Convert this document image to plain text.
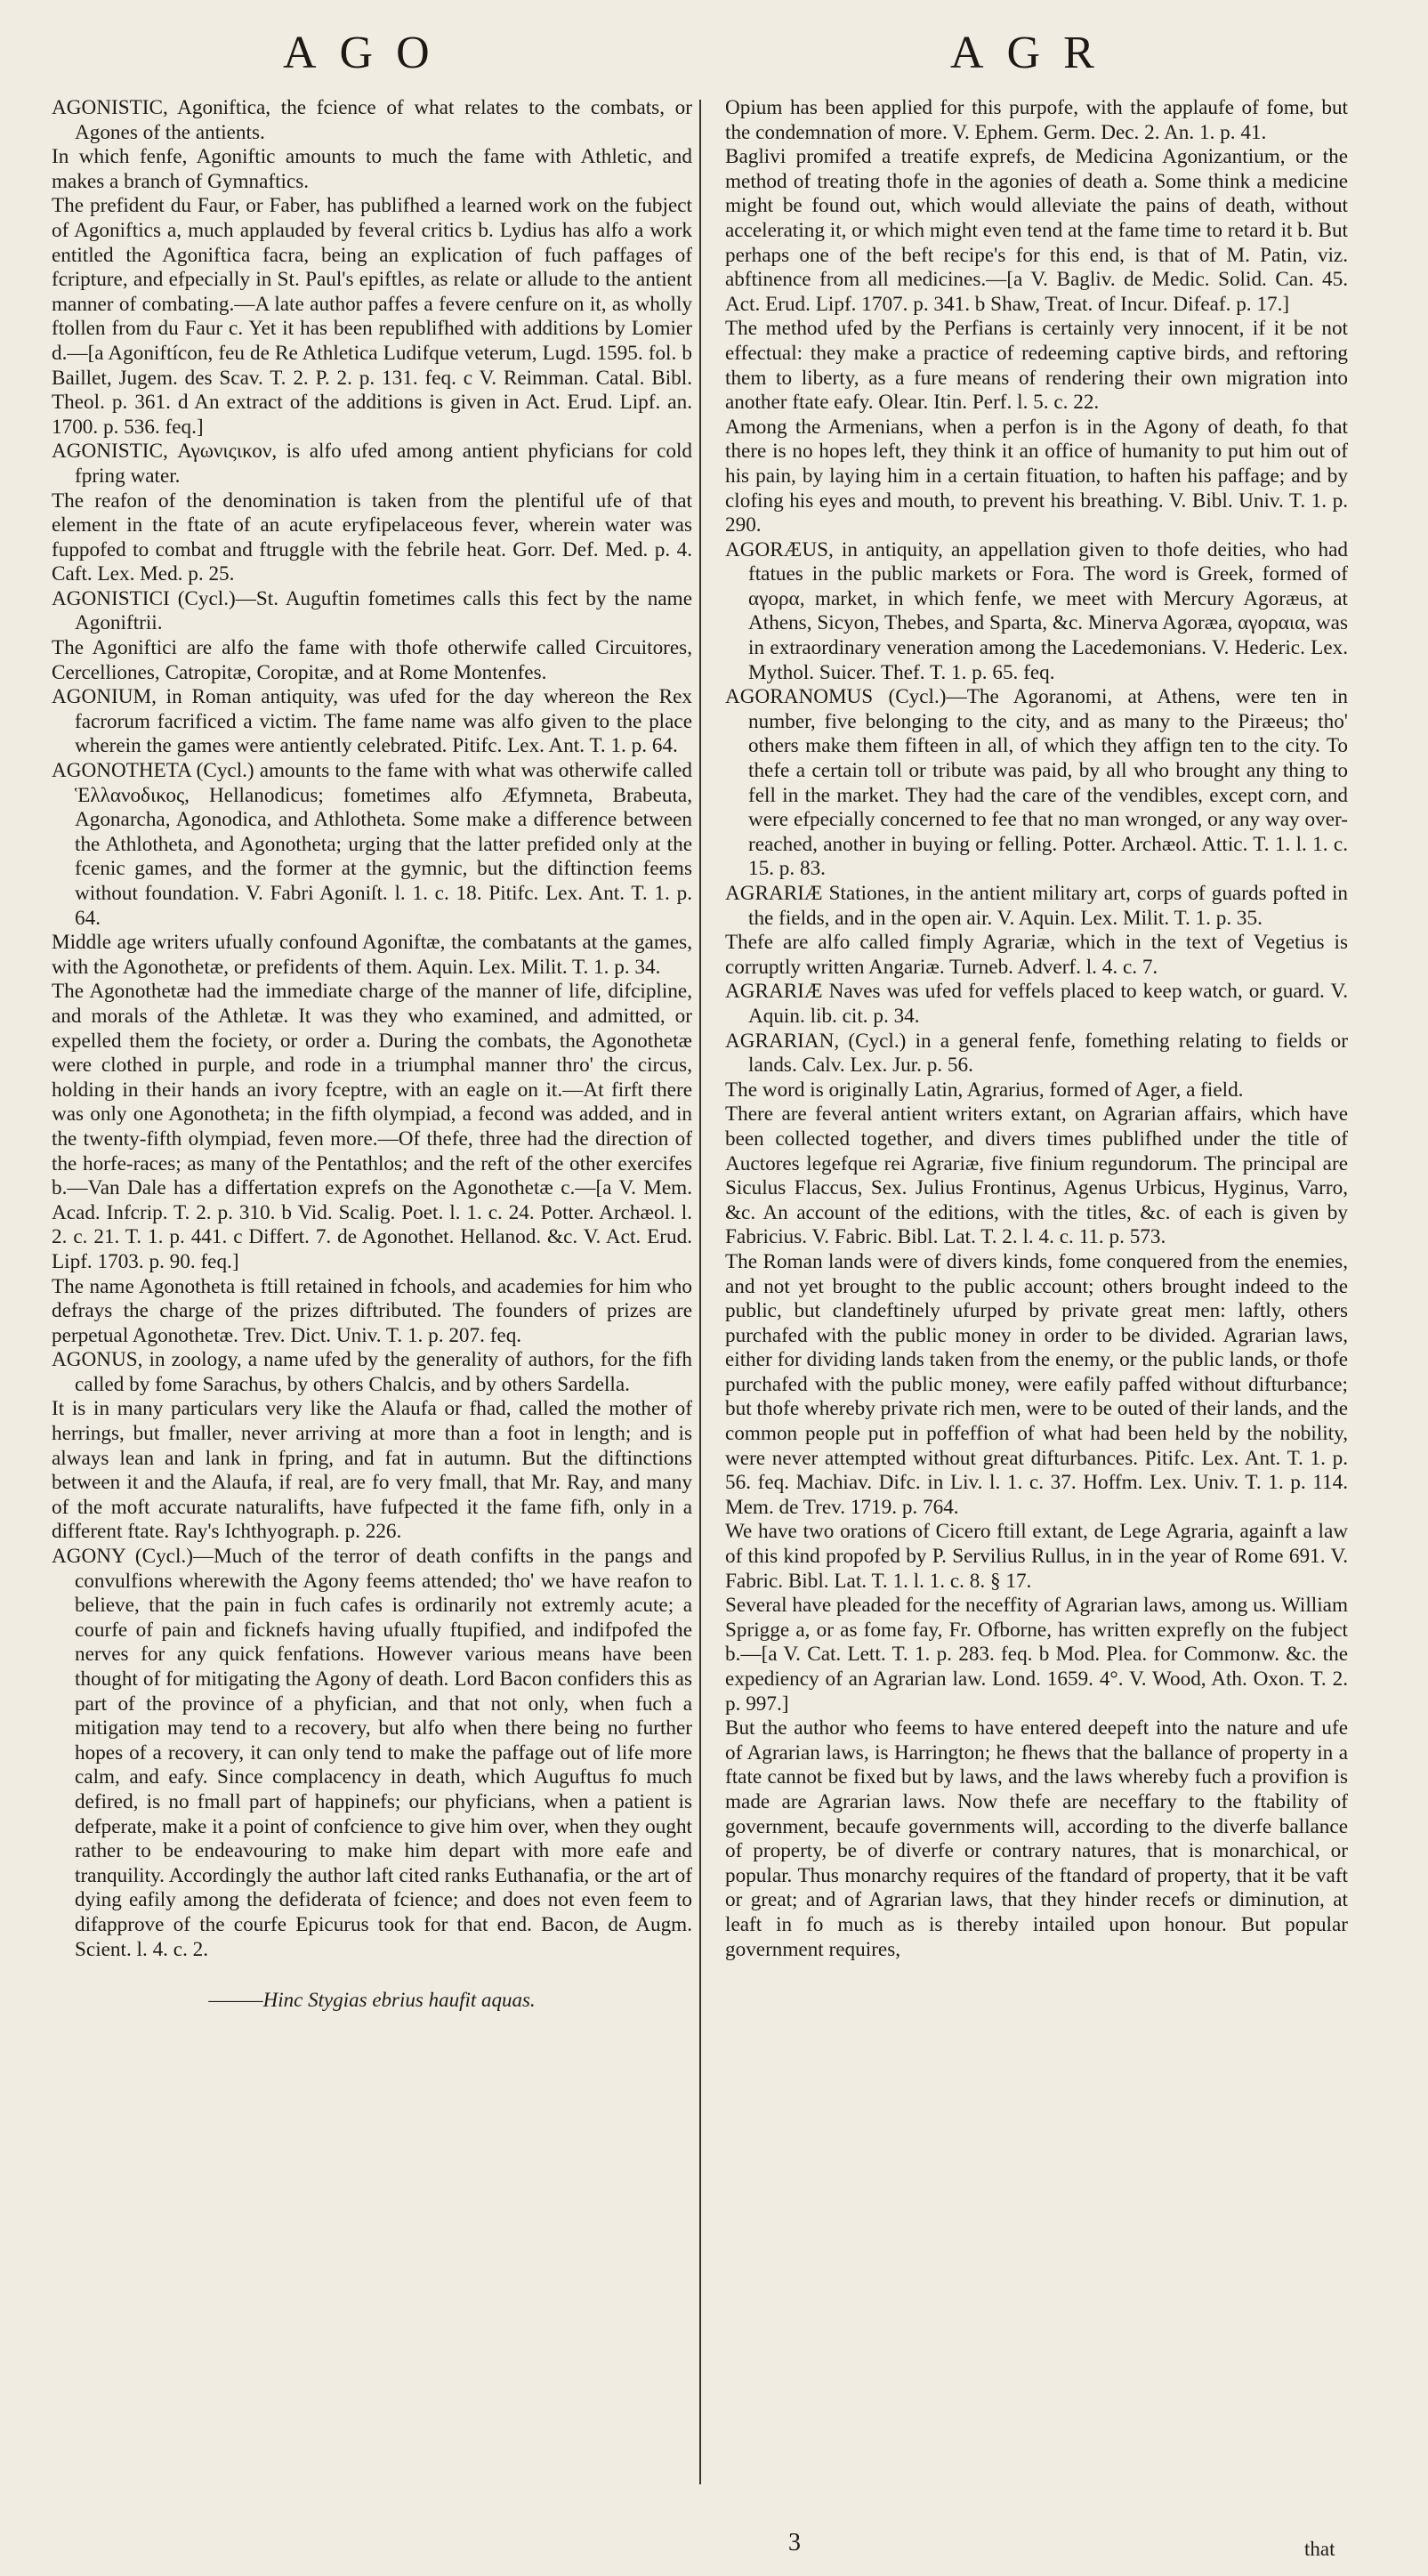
AGO	AGR
AGONISTIC, Agoniftica, the fcience of what relates to the combats, or Agones of the antients.
In which fenfe, Agoniftic amounts to much the fame with Athletic, and makes a branch of Gymnaftics.
The prefident du Faur, or Faber, has publifhed a learned work on the fubject of Agoniftics a, much applauded by feveral critics b. Lydius has alfo a work entitled the Agoniftica facra, being an explication of fuch paffages of fcripture, and efpecially in St. Paul's epiftles, as relate or allude to the antient manner of combating.—A late author paffes a fevere cenfure on it, as wholly ftollen from du Faur c. Yet it has been republifhed with additions by Lomier d.—[a Agoniftícon, feu de Re Athletica Ludifque veterum, Lugd. 1595. fol. b Baillet, Jugem. des Scav. T. 2. P. 2. p. 131. feq. c V. Reimman. Catal. Bibl. Theol. p. 361. d An extract of the additions is given in Act. Erud. Lipf. an. 1700. p. 536. feq.]
AGONISTIC, Αγωνιςικον, is alfo ufed among antient phyficians for cold fpring water.
The reafon of the denomination is taken from the plentiful ufe of that element in the ftate of an acute eryfipelaceous fever, wherein water was fuppofed to combat and ftruggle with the febrile heat. Gorr. Def. Med. p. 4. Caft. Lex. Med. p. 25.
AGONISTICI (Cycl.)—St. Auguftin fometimes calls this fect by the name Agoniftrii.
The Agoniftici are alfo the fame with thofe otherwife called Circuitores, Cercelliones, Catropitæ, Coropitæ, and at Rome Montenfes.
AGONIUM, in Roman antiquity, was ufed for the day whereon the Rex facrorum facrificed a victim. The fame name was alfo given to the place wherein the games were antiently celebrated. Pitifc. Lex. Ant. T. 1. p. 64.
AGONOTHETA (Cycl.) amounts to the fame with what was otherwife called Ἑλλανοδικος, Hellanodicus; fometimes alfo Æfymneta, Brabeuta, Agonarcha, Agonodica, and Athlotheta. Some make a difference between the Athlotheta, and Agonotheta; urging that the latter prefided only at the fcenic games, and the former at the gymnic, but the diftinction feems without foundation. V. Fabri Agoniſt. l. 1. c. 18. Pitifc. Lex. Ant. T. 1. p. 64.
Middle age writers ufually confound Agoniftæ, the combatants at the games, with the Agonothetæ, or prefidents of them. Aquin. Lex. Milit. T. 1. p. 34.
The Agonothetæ had the immediate charge of the manner of life, difcipline, and morals of the Athletæ. It was they who examined, and admitted, or expelled them the fociety, or order a. During the combats, the Agonothetæ were clothed in purple, and rode in a triumphal manner thro' the circus, holding in their hands an ivory fceptre, with an eagle on it.—At firft there was only one Agonotheta; in the fifth olympiad, a fecond was added, and in the twenty-fifth olympiad, feven more.—Of thefe, three had the direction of the horfe-races; as many of the Pentathlos; and the reft of the other exercifes b.—Van Dale has a differtation exprefs on the Agonothetæ c.—[a V. Mem. Acad. Infcrip. T. 2. p. 310. b Vid. Scalig. Poet. l. 1. c. 24. Potter. Archæol. l. 2. c. 21. T. 1. p. 441. c Differt. 7. de Agonothet. Hellanod. &c. V. Act. Erud. Lipf. 1703. p. 90. feq.]
The name Agonotheta is ftill retained in fchools, and academies for him who defrays the charge of the prizes diftributed. The founders of prizes are perpetual Agonothetæ. Trev. Dict. Univ. T. 1. p. 207. feq.
AGONUS, in zoology, a name ufed by the generality of authors, for the fifh called by fome Sarachus, by others Chalcis, and by others Sardella.
It is in many particulars very like the Alaufa or fhad, called the mother of herrings, but fmaller, never arriving at more than a foot in length; and is always lean and lank in fpring, and fat in autumn. But the diftinctions between it and the Alaufa, if real, are fo very fmall, that Mr. Ray, and many of the moft accurate naturalifts, have fufpected it the fame fifh, only in a different ftate. Ray's Ichthyograph. p. 226.
AGONY (Cycl.)—Much of the terror of death confifts in the pangs and convulfions wherewith the Agony feems attended; tho' we have reafon to believe, that the pain in fuch cafes is ordinarily not extremly acute; a courfe of pain and ficknefs having ufually ftupified, and indifpofed the nerves for any quick fenfations. However various means have been thought of for mitigating the Agony of death. Lord Bacon confiders this as part of the province of a phyfician, and that not only, when fuch a mitigation may tend to a recovery, but alfo when there being no further hopes of a recovery, it can only tend to make the paffage out of life more calm, and eafy. Since complacency in death, which Auguftus fo much defired, is no fmall part of happinefs; our phyficians, when a patient is defperate, make it a point of confcience to give him over, when they ought rather to be endeavouring to make him depart with more eafe and tranquility. Accordingly the author laft cited ranks Euthanafia, or the art of dying eafily among the defiderata of fcience; and does not even feem to difapprove of the courfe Epicurus took for that end. Bacon, de Augm. Scient. l. 4. c. 2.
———Hinc Stygias ebrius haufit aquas.
Opium has been applied for this purpofe, with the applaufe of fome, but the condemnation of more. V. Ephem. Germ. Dec. 2. An. 1. p. 41.
Baglivi promifed a treatife exprefs, de Medicina Agonizantium, or the method of treating thofe in the agonies of death a. Some think a medicine might be found out, which would alleviate the pains of death, without accelerating it, or which might even tend at the fame time to retard it b. But perhaps one of the beft recipe's for this end, is that of M. Patin, viz. abftinence from all medicines.—[a V. Bagliv. de Medic. Solid. Can. 45. Act. Erud. Lipf. 1707. p. 341. b Shaw, Treat. of Incur. Difeaf. p. 17.]
The method ufed by the Perfians is certainly very innocent, if it be not effectual: they make a practice of redeeming captive birds, and reftoring them to liberty, as a fure means of rendering their own migration into another ftate eafy. Olear. Itin. Perf. l. 5. c. 22.
Among the Armenians, when a perfon is in the Agony of death, fo that there is no hopes left, they think it an office of humanity to put him out of his pain, by laying him in a certain fituation, to haften his paffage; and by clofing his eyes and mouth, to prevent his breathing. V. Bibl. Univ. T. 1. p. 290.
AGORÆUS, in antiquity, an appellation given to thofe deities, who had ftatues in the public markets or Fora. The word is Greek, formed of αγορα, market, in which fenfe, we meet with Mercury Agoræus, at Athens, Sicyon, Thebes, and Sparta, &c. Minerva Agoræa, αγοραια, was in extraordinary veneration among the Lacedemonians. V. Hederic. Lex. Mythol. Suicer. Thef. T. 1. p. 65. feq.
AGORANOMUS (Cycl.)—The Agoranomi, at Athens, were ten in number, five belonging to the city, and as many to the Piræeus; tho' others make them fifteen in all, of which they affign ten to the city. To thefe a certain toll or tribute was paid, by all who brought any thing to fell in the market. They had the care of the vendibles, except corn, and were efpecially concerned to fee that no man wronged, or any way over-reached, another in buying or felling. Potter. Archæol. Attic. T. 1. l. 1. c. 15. p. 83.
AGRARIÆ Stationes, in the antient military art, corps of guards pofted in the fields, and in the open air. V. Aquin. Lex. Milit. T. 1. p. 35.
Thefe are alfo called fimply Agrariæ, which in the text of Vegetius is corruptly written Angariæ. Turneb. Adverf. l. 4. c. 7.
AGRARIÆ Naves was ufed for veffels placed to keep watch, or guard. V. Aquin. lib. cit. p. 34.
AGRARIAN, (Cycl.) in a general fenfe, fomething relating to fields or lands. Calv. Lex. Jur. p. 56.
The word is originally Latin, Agrarius, formed of Ager, a field.
There are feveral antient writers extant, on Agrarian affairs, which have been collected together, and divers times publifhed under the title of Auctores legefque rei Agrariæ, five finium regundorum. The principal are Siculus Flaccus, Sex. Julius Frontinus, Agenus Urbicus, Hyginus, Varro, &c. An account of the editions, with the titles, &c. of each is given by Fabricius. V. Fabric. Bibl. Lat. T. 2. l. 4. c. 11. p. 573.
The Roman lands were of divers kinds, fome conquered from the enemies, and not yet brought to the public account; others brought indeed to the public, but clandeftinely ufurped by private great men: laftly, others purchafed with the public money in order to be divided. Agrarian laws, either for dividing lands taken from the enemy, or the public lands, or thofe purchafed with the public money, were eafily paffed without difturbance; but thofe whereby private rich men, were to be outed of their lands, and the common people put in poffeffion of what had been held by the nobility, were never attempted without great difturbances. Pitifc. Lex. Ant. T. 1. p. 56. feq. Machiav. Difc. in Liv. l. 1. c. 37. Hoffm. Lex. Univ. T. 1. p. 114. Mem. de Trev. 1719. p. 764.
We have two orations of Cicero ftill extant, de Lege Agraria, againft a law of this kind propofed by P. Servilius Rullus, in in the year of Rome 691. V. Fabric. Bibl. Lat. T. 1. l. 1. c. 8. § 17.
Several have pleaded for the neceffity of Agrarian laws, among us. William Sprigge a, or as fome fay, Fr. Ofborne, has written exprefly on the fubject b.—[a V. Cat. Lett. T. 1. p. 283. feq. b Mod. Plea. for Commonw. &c. the expediency of an Agrarian law. Lond. 1659. 4°. V. Wood, Ath. Oxon. T. 2. p. 997.]
But the author who feems to have entered deepeft into the nature and ufe of Agrarian laws, is Harrington; he fhews that the ballance of property in a ftate cannot be fixed but by laws, and the laws whereby fuch a provifion is made are Agrarian laws. Now thefe are neceffary to the ftability of government, becaufe governments will, according to the diverfe ballance of property, be of diverfe or contrary natures, that is monarchical, or popular. Thus monarchy requires of the ftandard of property, that it be vaft or great; and of Agrarian laws, that they hinder recefs or diminution, at leaft in fo much as is thereby intailed upon honour. But popular government requires,
3	that
